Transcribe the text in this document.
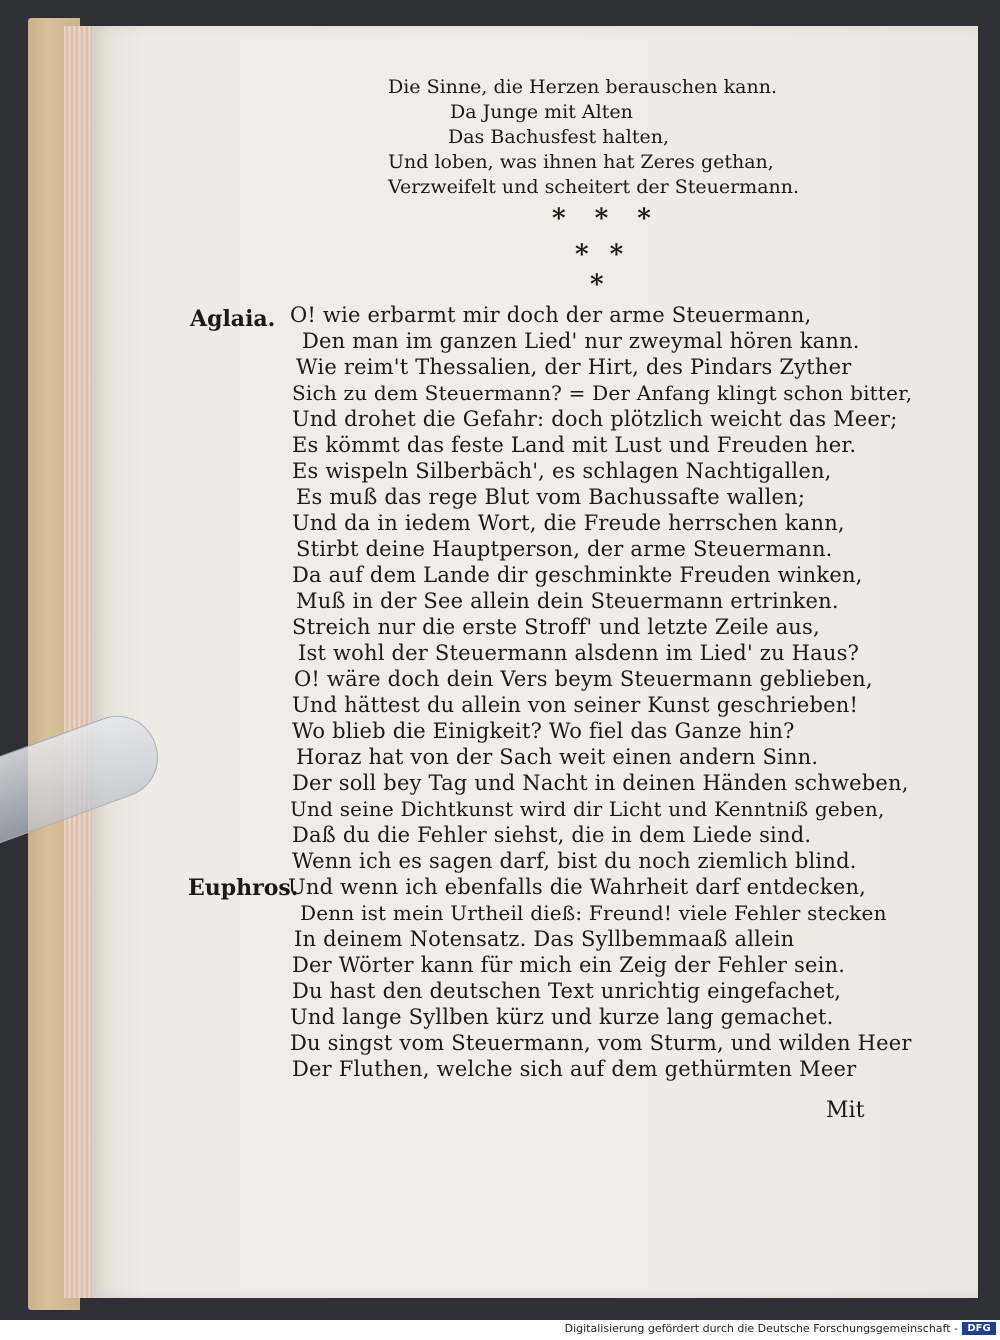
Die Sinne, die Herzen berauschen kann.
Da Junge mit Alten
Das Bachusfest halten,
Und loben, was ihnen hat Zeres gethan,
Verzweifelt und scheitert der Steuermann.
* * *
* *
*
Aglaia. O! wie erbarmt mir doch der arme Steuermann,
Den man im ganzen Lied' nur zweymal hören kann.
Wie reim't Thessalien, der Hirt, des Pindars Zyther
Sich zu dem Steuermann? = Der Anfang klingt schon bitter,
Und drohet die Gefahr: doch plötzlich weicht das Meer;
Es kömmt das feste Land mit Lust und Freuden her.
Es wispeln Silberbäch', es schlagen Nachtigallen,
Es muß das rege Blut vom Bachussafte wallen;
Und da in iedem Wort, die Freude herrschen kann,
Stirbt deine Hauptperson, der arme Steuermann.
Da auf dem Lande dir geschminkte Freuden winken,
Muß in der See allein dein Steuermann ertrinken.
Streich nur die erste Stroff' und letzte Zeile aus,
Ist wohl der Steuermann alsdenn im Lied' zu Haus?
O! wäre doch dein Vers beym Steuermann geblieben,
Und hättest du allein von seiner Kunst geschrieben!
Wo blieb die Einigkeit? Wo fiel das Ganze hin?
Horaz hat von der Sach weit einen andern Sinn.
Der soll bey Tag und Nacht in deinen Händen schweben,
Und seine Dichtkunst wird dir Licht und Kenntniß geben,
Daß du die Fehler siehst, die in dem Liede sind.
Wenn ich es sagen darf, bist du noch ziemlich blind.
Euphros.
Und wenn ich ebenfalls die Wahrheit darf entdecken,
Denn ist mein Urtheil dieß: Freund! viele Fehler stecken
In deinem Notensatz. Das Syllbemmaaß allein
Der Wörter kann für mich ein Zeig der Fehler sein.
Du hast den deutschen Text unrichtig eingefachet,
Und lange Syllben kürz und kurze lang gemachet.
Du singst vom Steuermann, vom Sturm, und wilden Heer
Der Fluthen, welche sich auf dem gethürmten Meer
Mit
Digitalisierung gefördert durch die Deutsche Forschungsgemeinschaft - DFG
